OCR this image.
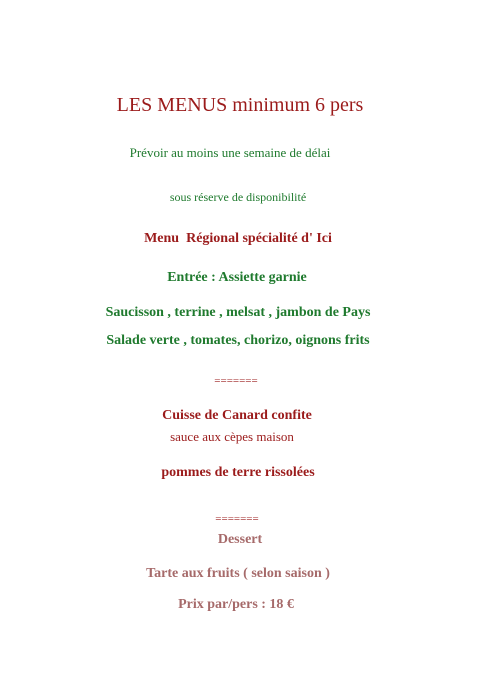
LES MENUS minimum 6 pers
Prévoir au moins une semaine de délai
sous réserve de disponibilité
Menu  Régional spécialité d' Ici
Entrée : Assiette garnie
Saucisson , terrine , melsat , jambon de Pays
Salade verte , tomates, chorizo, oignons frits
=======
Cuisse de Canard confite
sauce aux cèpes maison
pommes de terre rissolées
=======
Dessert
Tarte aux fruits ( selon saison )
Prix par/pers : 18 €
